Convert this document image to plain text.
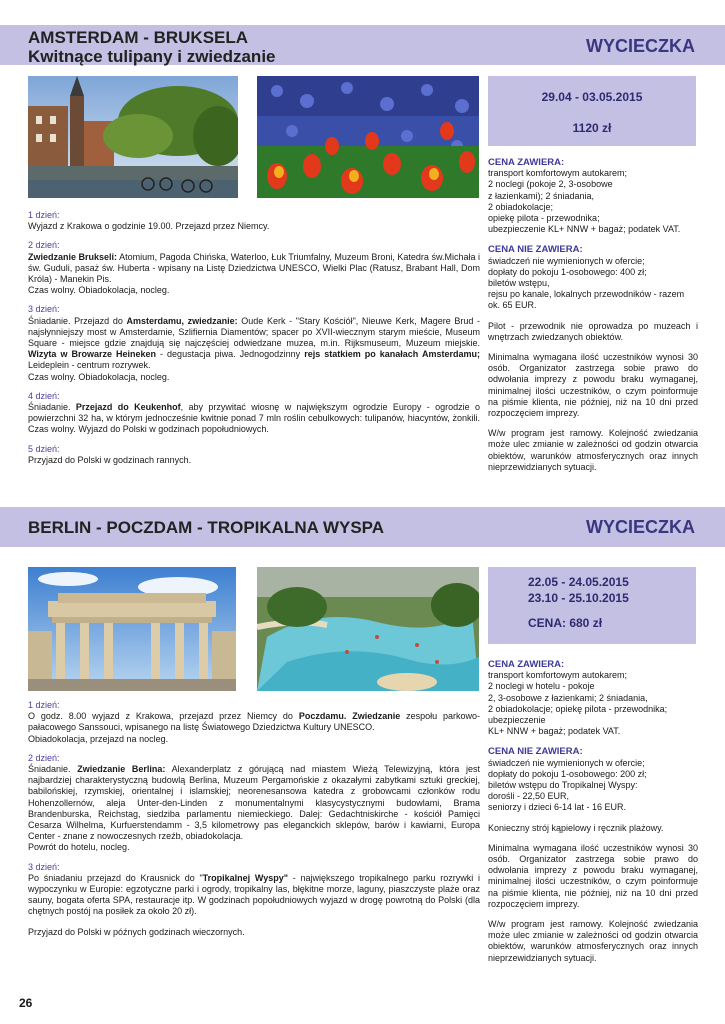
AMSTERDAM - BRUKSELA
Kwitnące tulipany i zwiedzanie
WYCIECZKA
29.04 - 03.05.2015
1120 zł

1 dzień:

Wyjazd z Krakowa o godzinie 19.00. Przejazd przez Niemcy.

2 dzień:

Zwiedzanie Brukseli: Atomium, Pagoda Chińska, Waterloo, Łuk Triumfalny, Muzeum Broni, Katedra św.Michała i św. Guduli, pasaż św. Huberta - wpisany na Listę Dziedzictwa UNESCO, Wielki Plac (Ratusz, Brabant Hall, Dom Króla) - Manekin Pis.

Czas wolny. Obiadokolacja, nocleg.

3 dzień:

Śniadanie. Przejazd do Amsterdamu, zwiedzanie: Oude Kerk - "Stary Kościół", Nieuwe Kerk, Magere Brud - najsłynniejszy most w Amsterdamie, Szlifiernia Diamentów; spacer po XVII-wiecznym starym mieście, Museum Square - miejsce gdzie znajdują się najczęściej odwiedzane muzea, m.in. Rijksmuseum, Muzeum miejskie. Wizyta w Browarze Heineken - degustacja piwa. Jednogodzinny rejs statkiem po kanałach Amsterdamu; Leideplein - centrum rozrywek.

Czas wolny. Obiadokolacja, nocleg.

4 dzień:

Śniadanie. Przejazd do Keukenhof, aby przywitać wiosnę w największym ogrodzie Europy - ogrodzie o powierzchni 32 ha, w którym jednocześnie kwitnie ponad 7 mln roślin cebulkowych: tulipanów, hiacyntów, żonkili. Czas wolny. Wyjazd do Polski w godzinach popołudniowych.

5 dzień:

Przyjazd do Polski w godzinach rannych.

CENA ZAWIERA:

transport komfortowym autokarem;

2 noclegi (pokoje 2, 3-osobowe

z łazienkami); 2 śniadania,

2 obiadokolacje;

opiekę pilota - przewodnika;

ubezpieczenie KL+ NNW + bagaż; podatek VAT.

CENA NIE ZAWIERA:

świadczeń nie wymienionych w ofercie;

dopłaty do pokoju 1-osobowego: 400 zł;

biletów wstępu,

rejsu po kanale, lokalnych przewodników - razem ok. 65 EUR.

Pilot - przewodnik nie oprowadza po muzeach i wnętrzach zwiedzanych obiektów.

Minimalna wymagana ilość uczestników wynosi 30 osób. Organizator zastrzega sobie prawo do odwołania imprezy z powodu braku wymaganej, minimalnej ilości uczestników, o czym poinformuje na piśmie klienta, nie później, niż na 10 dni przed rozpoczęciem imprezy.

W/w program jest ramowy. Kolejność zwiedzania może ulec zmianie w zależności od godzin otwarcia obiektów, warunków atmosferycznych oraz innych nieprzewidzianych sytuacji.

BERLIN - POCZDAM - TROPIKALNA WYSPA	WYCIECZKA
22.05 - 24.05.2015
23.10 - 25.10.2015
CENA: 680 zł

1 dzień:

O godz. 8.00 wyjazd z Krakowa, przejazd przez Niemcy do Poczdamu. Zwiedzanie zespołu parkowo-pałacowego Sanssouci, wpisanego na listę Światowego Dziedzictwa Kultury UNESCO.

Obiadokolacja, przejazd na nocleg.

2 dzień:

Śniadanie. Zwiedzanie Berlina: Alexanderplatz z górującą nad miastem Wieżą Telewizyjną, która jest najbardziej charakterystyczną budowlą Berlina, Muzeum Pergamońskie z okazałymi zabytkami sztuki greckiej, babilońskiej, rzymskiej, orientalnej i islamskiej; neorenesansowa katedra z grobowcami członków rodu Hohenzollernów, aleja Unter-den-Linden z monumentalnymi klasycystycznymi budowlami, Brama Brandenburska, Reichstag, siedziba parlamentu niemieckiego. Dalej: Gedachtniskirche - kościół Pamięci Cesarza Wilhelma, Kurfuerstendamm - 3,5 kilometrowy pas eleganckich sklepów, barów i kawiarni, Europa Center - znane z nowoczesnych rzeźb, obiadokolacja.

Powrót do hotelu, nocleg.

3 dzień:

Po śniadaniu przejazd do Krausnick do "Tropikalnej Wyspy" - największego tropikalnego parku rozrywki i wypoczynku w Europie: egzotyczne parki i ogrody, tropikalny las, błękitne morze, laguny, piaszczyste plaże oraz sauny, bogata oferta SPA, restauracje itp. W godzinach popołudniowych wyjazd w drogę powrotną do Polski (dla chętnych postój na posiłek za około 20 zł).

Przyjazd do Polski w późnych godzinach wieczornych.

CENA ZAWIERA:

transport komfortowym autokarem;

2 noclegi w hotelu - pokoje

2, 3-osobowe z łazienkami; 2 śniadania,

2 obiadokolacje; opiekę pilota - przewodnika;

ubezpieczenie

KL+ NNW + bagaż; podatek VAT.

CENA NIE ZAWIERA:

świadczeń nie wymienionych w ofercie;

dopłaty do pokoju 1-osobowego: 200 zł;

biletów wstępu do Tropikalnej Wyspy:

dorośli - 22,50 EUR,

seniorzy i dzieci 6-14 lat - 16 EUR.

Konieczny strój kąpielowy i ręcznik plażowy.

Minimalna wymagana ilość uczestników wynosi 30 osób. Organizator zastrzega sobie prawo do odwołania imprezy z powodu braku wymaganej, minimalnej ilości uczestników, o czym poinformuje na piśmie klienta, nie później, niż na 10 dni przed rozpoczęciem imprezy.

W/w program jest ramowy. Kolejność zwiedzania może ulec zmianie w zależności od godzin otwarcia obiektów, warunków atmosferycznych oraz innych nieprzewidzianych sytuacji.

26
